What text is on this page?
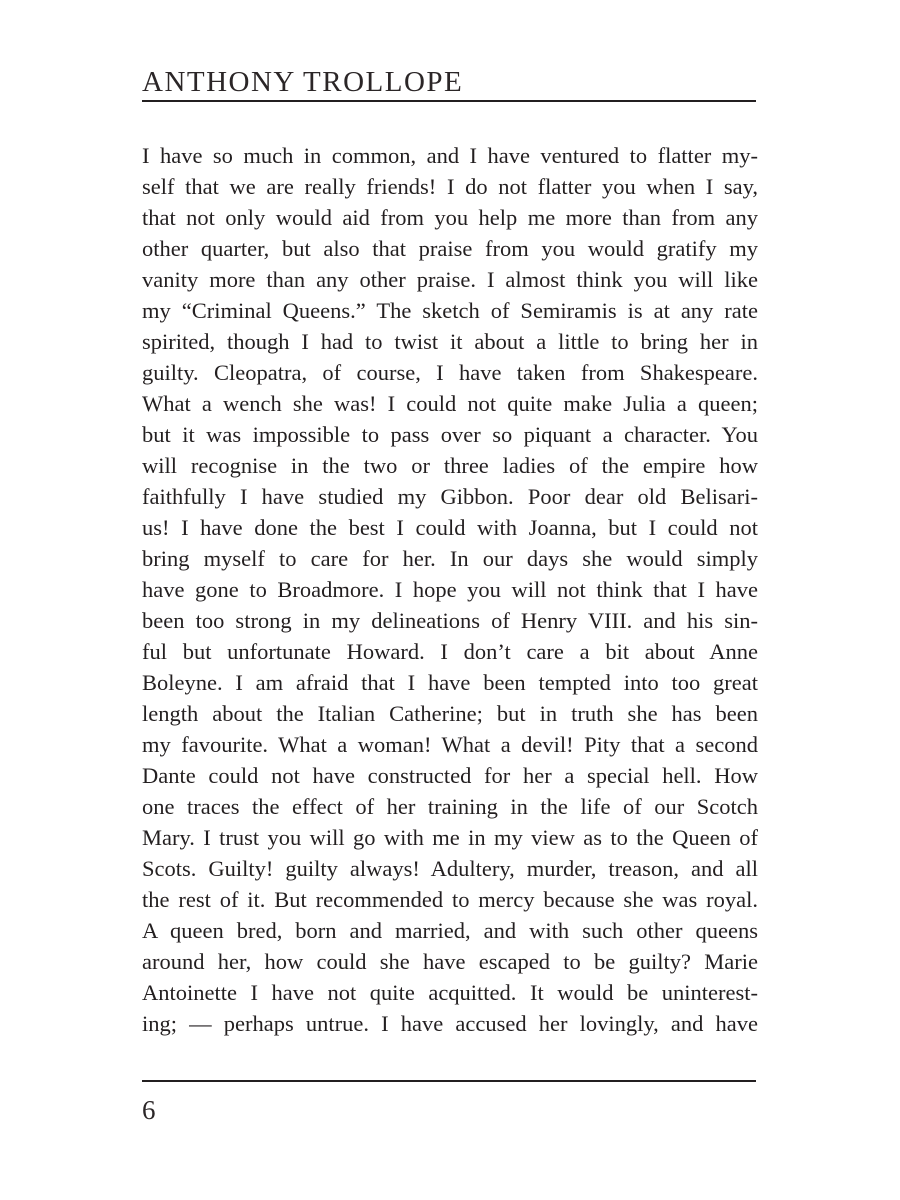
ANTHONY TROLLOPE
I have so much in common, and I have ventured to flatter my-
self that we are really friends! I do not flatter you when I say,
that not only would aid from you help me more than from any
other quarter, but also that praise from you would gratify my
vanity more than any other praise. I almost think you will like
my “Criminal Queens.” The sketch of Semiramis is at any rate
spirited, though I had to twist it about a little to bring her in
guilty. Cleopatra, of course, I have taken from Shakespeare.
What a wench she was! I could not quite make Julia a queen;
but it was impossible to pass over so piquant a character. You
will recognise in the two or three ladies of the empire how
faithfully I have studied my Gibbon. Poor dear old Belisari-
us! I have done the best I could with Joanna, but I could not
bring myself to care for her. In our days she would simply
have gone to Broadmore. I hope you will not think that I have
been too strong in my delineations of Henry VIII. and his sin-
ful but unfortunate Howard. I don’t care a bit about Anne
Boleyne. I am afraid that I have been tempted into too great
length about the Italian Catherine; but in truth she has been
my favourite. What a woman! What a devil! Pity that a second
Dante could not have constructed for her a special hell. How
one traces the effect of her training in the life of our Scotch
Mary. I trust you will go with me in my view as to the Queen of
Scots. Guilty! guilty always! Adultery, murder, treason, and all
the rest of it. But recommended to mercy because she was royal.
A queen bred, born and married, and with such other queens
around her, how could she have escaped to be guilty? Marie
Antoinette I have not quite acquitted. It would be uninterest-
ing; — perhaps untrue. I have accused her lovingly, and have
6
